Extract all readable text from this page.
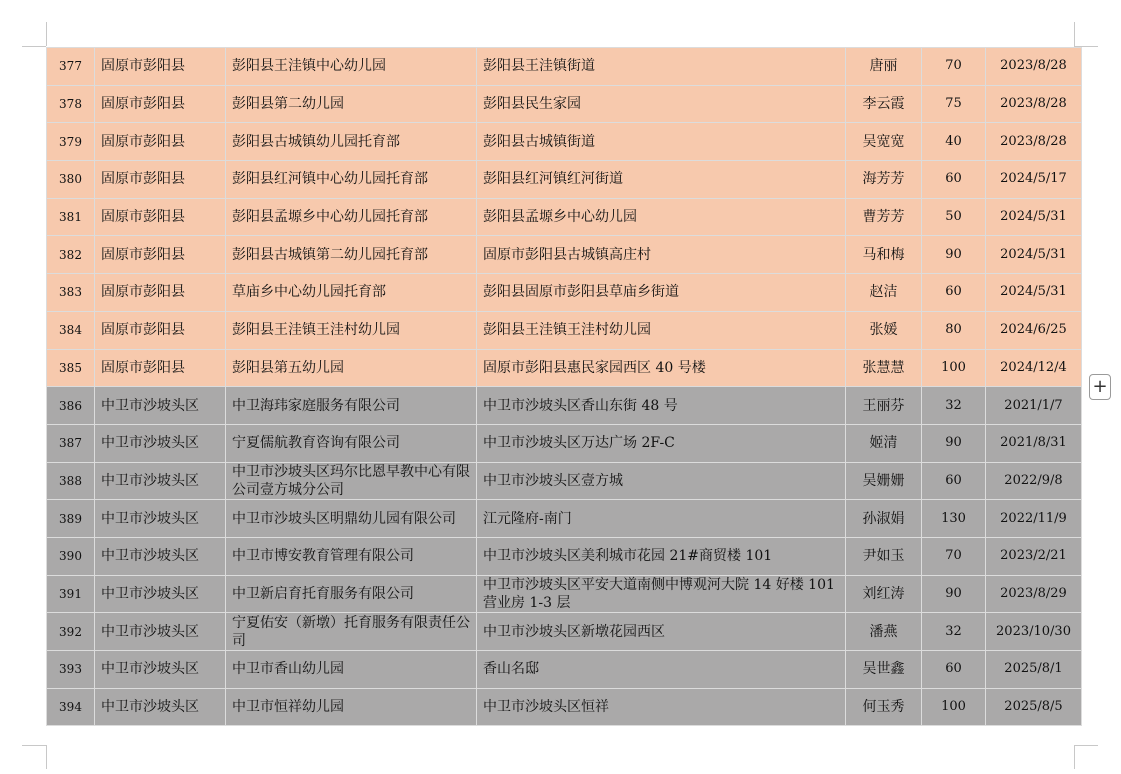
377	固原市彭阳县	彭阳县王洼镇中心幼儿园	彭阳县王洼镇街道	唐丽	70	2023/8/28
378	固原市彭阳县	彭阳县第二幼儿园	彭阳县民生家园	李云霞	75	2023/8/28
379	固原市彭阳县	彭阳县古城镇幼儿园托育部	彭阳县古城镇街道	吴宽宽	40	2023/8/28
380	固原市彭阳县	彭阳县红河镇中心幼儿园托育部	彭阳县红河镇红河街道	海芳芳	60	2024/5/17
381	固原市彭阳县	彭阳县孟塬乡中心幼儿园托育部	彭阳县孟塬乡中心幼儿园	曹芳芳	50	2024/5/31
382	固原市彭阳县	彭阳县古城镇第二幼儿园托育部	固原市彭阳县古城镇高庄村	马和梅	90	2024/5/31
383	固原市彭阳县	草庙乡中心幼儿园托育部	彭阳县固原市彭阳县草庙乡街道	赵洁	60	2024/5/31
384	固原市彭阳县	彭阳县王洼镇王洼村幼儿园	彭阳县王洼镇王洼村幼儿园	张媛	80	2024/6/25
385	固原市彭阳县	彭阳县第五幼儿园	固原市彭阳县惠民家园西区 40 号楼	张慧慧	100	2024/12/4
386	中卫市沙坡头区	中卫海玮家庭服务有限公司	中卫市沙坡头区香山东街 48 号	王丽芬	32	2021/1/7
387	中卫市沙坡头区	宁夏儒航教育咨询有限公司	中卫市沙坡头区万达广场 2F-C	姬清	90	2021/8/31
388	中卫市沙坡头区	中卫市沙坡头区玛尔比恩早教中心有限公司壹方城分公司	中卫市沙坡头区壹方城	吴姗姗	60	2022/9/8
389	中卫市沙坡头区	中卫市沙坡头区明鼎幼儿园有限公司	江元隆府-南门	孙淑娟	130	2022/11/9
390	中卫市沙坡头区	中卫市博安教育管理有限公司	中卫市沙坡头区美利城市花园 21#商贸楼 101	尹如玉	70	2023/2/21
391	中卫市沙坡头区	中卫新启育托育服务有限公司	中卫市沙坡头区平安大道南侧中博观河大院 14 好楼 101 营业房 1-3 层	刘红涛	90	2023/8/29
392	中卫市沙坡头区	宁夏佑安（新墩）托育服务有限责任公司	中卫市沙坡头区新墩花园西区	潘燕	32	2023/10/30
393	中卫市沙坡头区	中卫市香山幼儿园	香山名邸	吴世鑫	60	2025/8/1
394	中卫市沙坡头区	中卫市恒祥幼儿园	中卫市沙坡头区恒祥	何玉秀	100	2025/8/5
+
